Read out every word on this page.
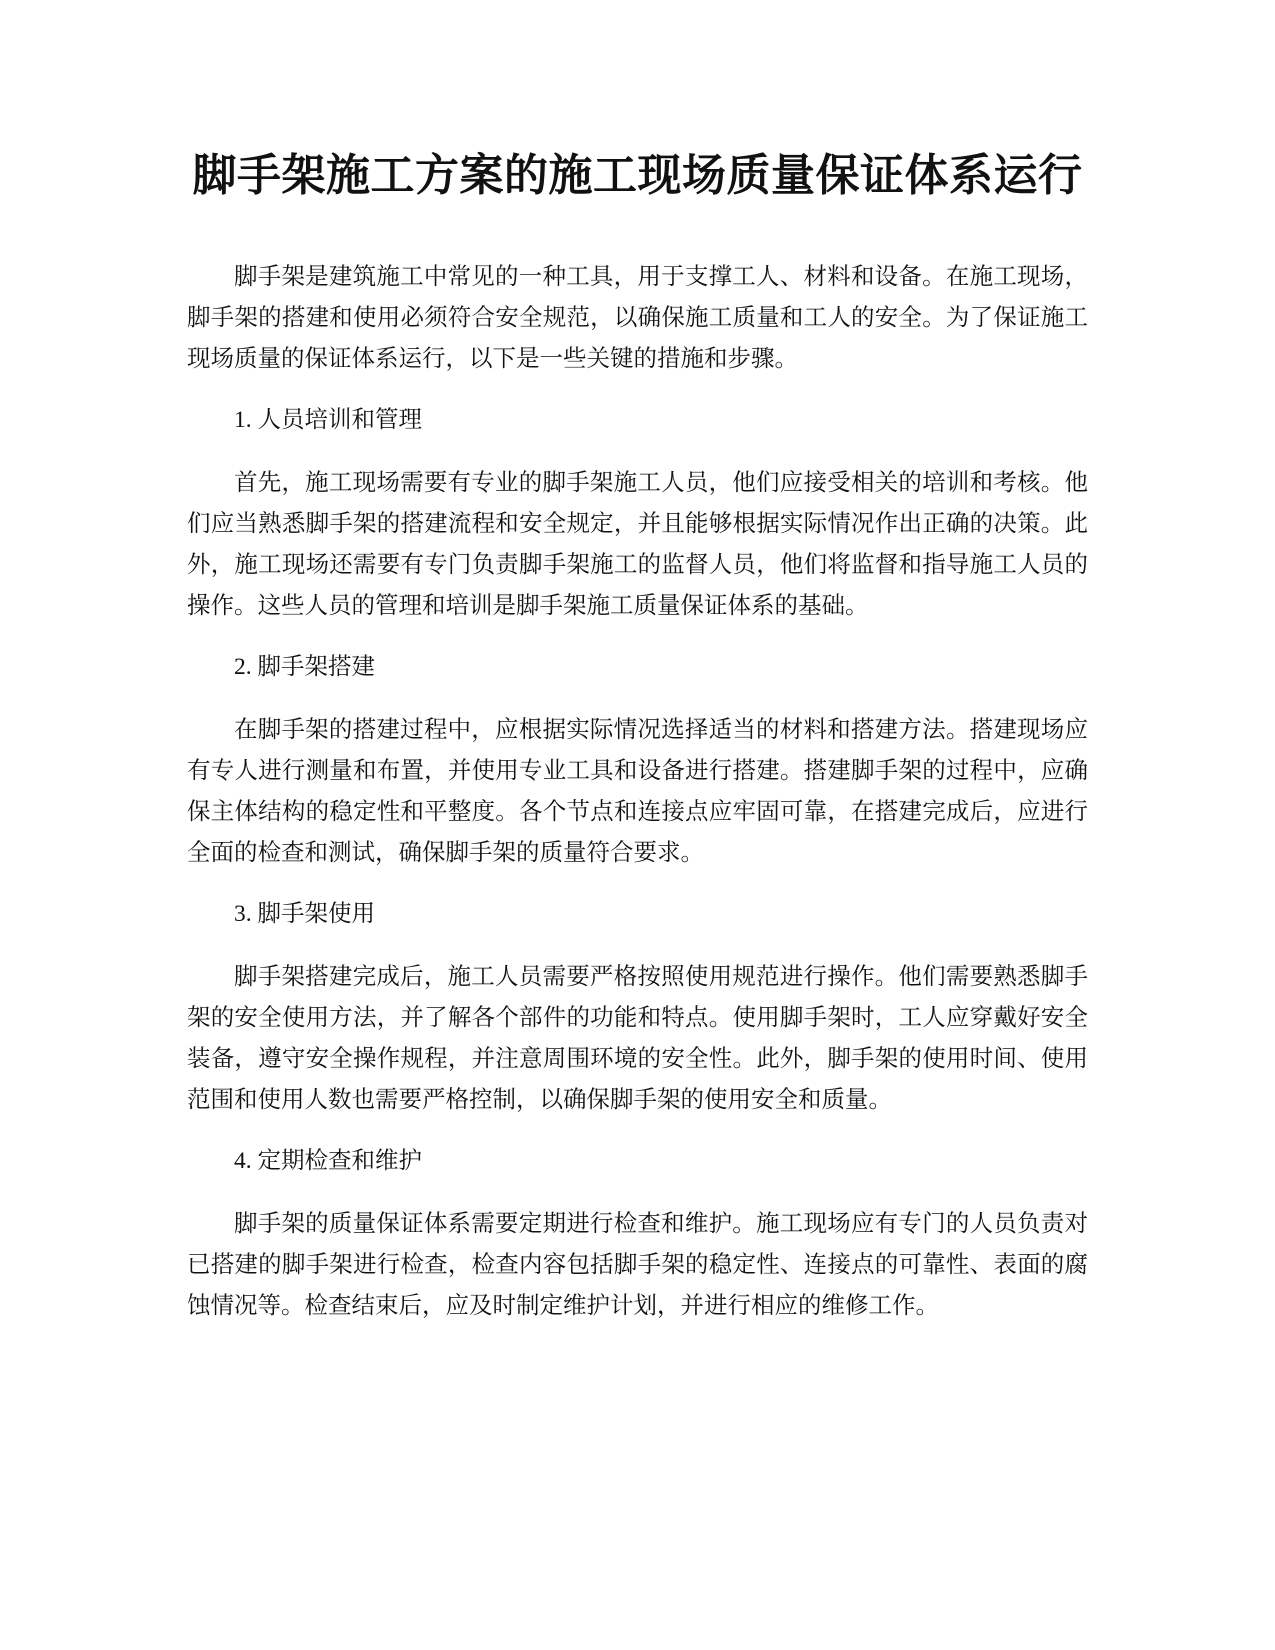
脚手架施工方案的施工现场质量保证体系运行

脚手架是建筑施工中常见的一种工具，用于支撑工人、材料和设备。在施工现场，脚手架的搭建和使用必须符合安全规范，以确保施工质量和工人的安全。为了保证施工现场质量的保证体系运行，以下是一些关键的措施和步骤。

1. 人员培训和管理

首先，施工现场需要有专业的脚手架施工人员，他们应接受相关的培训和考核。他们应当熟悉脚手架的搭建流程和安全规定，并且能够根据实际情况作出正确的决策。此外，施工现场还需要有专门负责脚手架施工的监督人员，他们将监督和指导施工人员的操作。这些人员的管理和培训是脚手架施工质量保证体系的基础。

2. 脚手架搭建

在脚手架的搭建过程中，应根据实际情况选择适当的材料和搭建方法。搭建现场应有专人进行测量和布置，并使用专业工具和设备进行搭建。搭建脚手架的过程中，应确保主体结构的稳定性和平整度。各个节点和连接点应牢固可靠，在搭建完成后，应进行全面的检查和测试，确保脚手架的质量符合要求。

3. 脚手架使用

脚手架搭建完成后，施工人员需要严格按照使用规范进行操作。他们需要熟悉脚手架的安全使用方法，并了解各个部件的功能和特点。使用脚手架时，工人应穿戴好安全装备，遵守安全操作规程，并注意周围环境的安全性。此外，脚手架的使用时间、使用范围和使用人数也需要严格控制，以确保脚手架的使用安全和质量。

4. 定期检查和维护

脚手架的质量保证体系需要定期进行检查和维护。施工现场应有专门的人员负责对已搭建的脚手架进行检查，检查内容包括脚手架的稳定性、连接点的可靠性、表面的腐蚀情况等。检查结束后，应及时制定维护计划，并进行相应的维修工作。
